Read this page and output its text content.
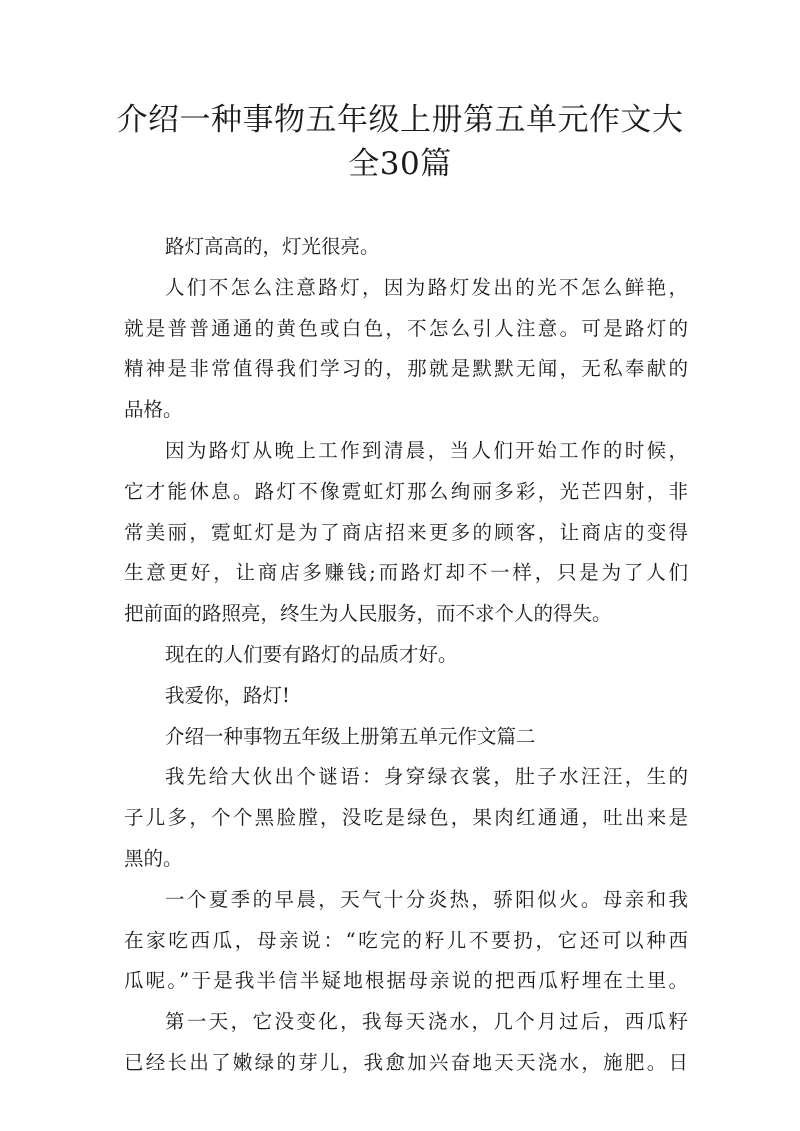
介绍一种事物五年级上册第五单元作文大
全30篇
路灯高高的，灯光很亮。
人们不怎么注意路灯，因为路灯发出的光不怎么鲜艳，
就是普普通通的黄色或白色，不怎么引人注意。可是路灯的
精神是非常值得我们学习的，那就是默默无闻，无私奉献的
品格。
因为路灯从晚上工作到清晨，当人们开始工作的时候，
它才能休息。路灯不像霓虹灯那么绚丽多彩，光芒四射，非
常美丽，霓虹灯是为了商店招来更多的顾客，让商店的变得
生意更好，让商店多赚钱;而路灯却不一样，只是为了人们
把前面的路照亮，终生为人民服务，而不求个人的得失。
现在的人们要有路灯的品质才好。
我爱你，路灯!
介绍一种事物五年级上册第五单元作文篇二
我先给大伙出个谜语：身穿绿衣裳，肚子水汪汪，生的
子儿多，个个黑脸膛，没吃是绿色，果肉红通通，吐出来是
黑的。
一个夏季的早晨，天气十分炎热，骄阳似火。母亲和我
在家吃西瓜，母亲说：“吃完的籽儿不要扔，它还可以种西
瓜呢。”于是我半信半疑地根据母亲说的把西瓜籽埋在土里。
第一天，它没变化，我每天浇水，几个月过后，西瓜籽
已经长出了嫩绿的芽儿，我愈加兴奋地天天浇水，施肥。日
